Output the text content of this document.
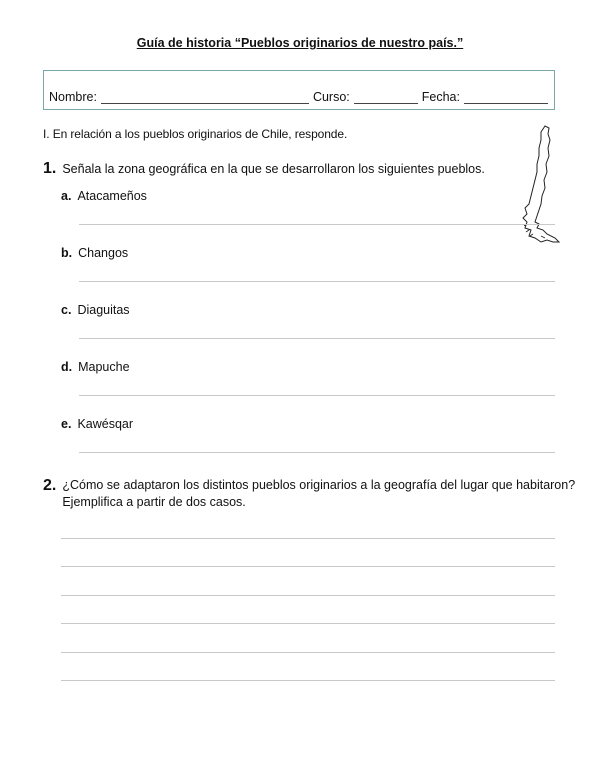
Guía de historia “Pueblos originarios de nuestro país.”
Nombre:	Curso:	Fecha:
I. En relación a los pueblos originarios de Chile, responde.
1. Señala la zona geográfica en la que se desarrollaron los siguientes pueblos.
a. Atacameños
b. Changos
c. Diaguitas
d. Mapuche
e. Kawésqar
2. ¿Cómo se adaptaron los distintos pueblos originarios a la geografía del lugar que habitaron?
Ejemplifica a partir de dos casos.
